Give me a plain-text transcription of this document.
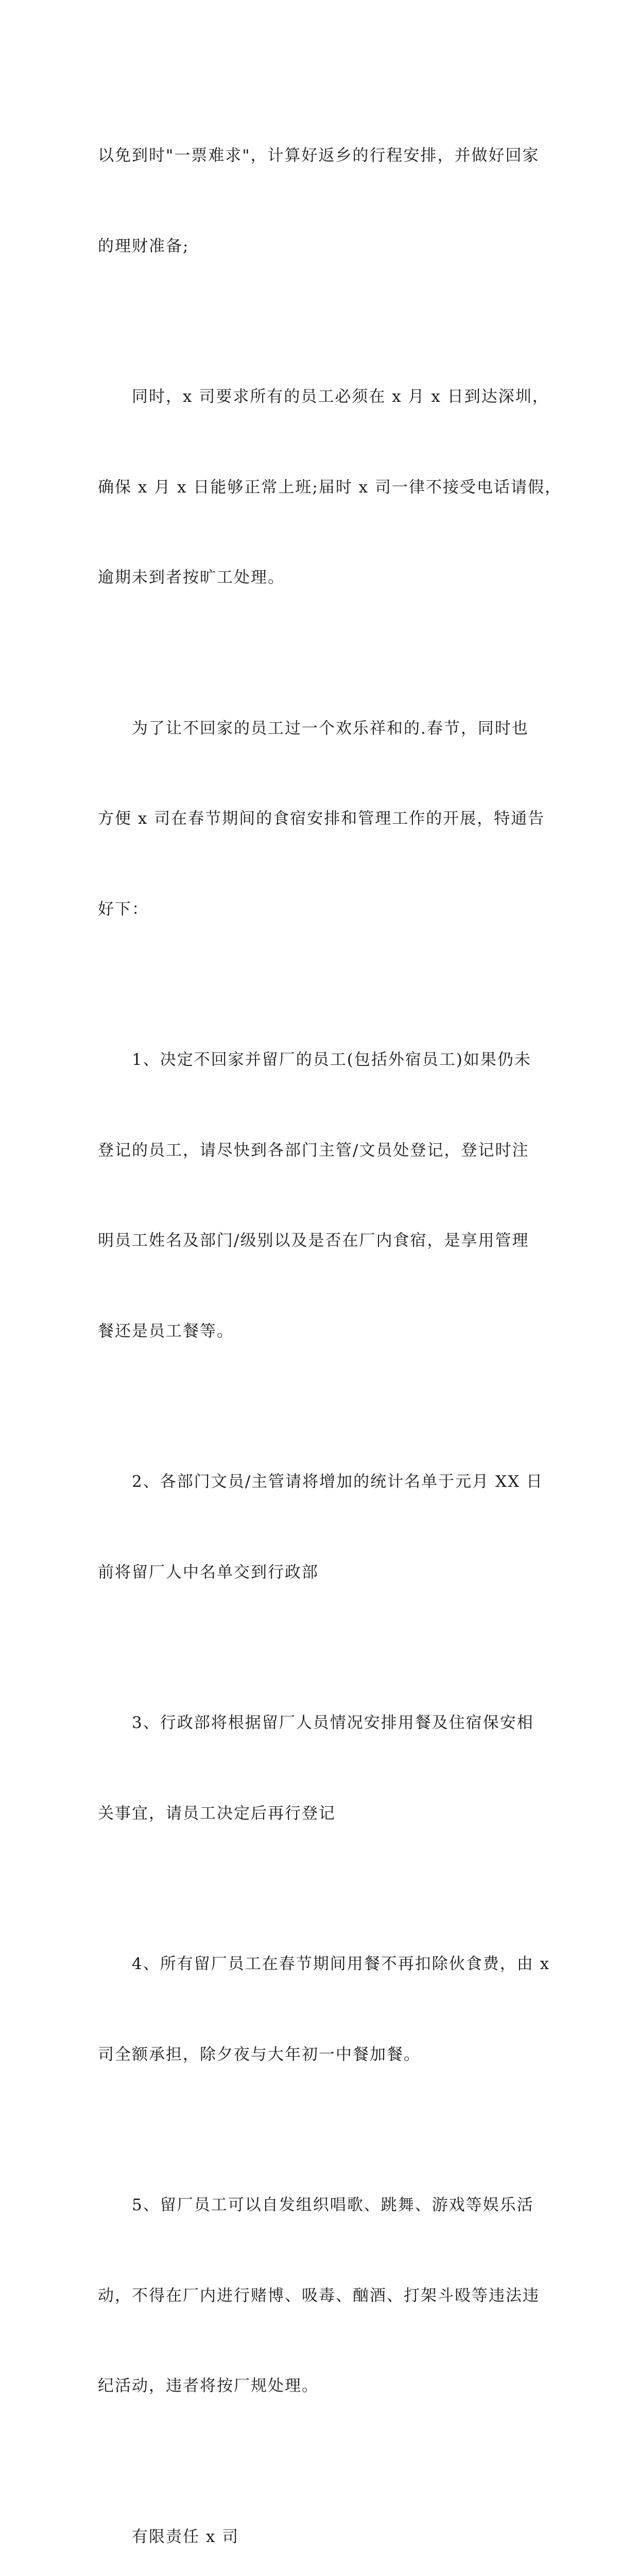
以免到时"一票难求"，计算好返乡的行程安排，并做好回家

的理财准备;

同时，x 司要求所有的员工必须在 x 月 x 日到达深圳，

确保 x 月 x 日能够正常上班;届时 x 司一律不接受电话请假，

逾期未到者按旷工处理。

为了让不回家的员工过一个欢乐祥和的.春节，同时也

方便 x 司在春节期间的食宿安排和管理工作的开展，特通告

好下：

1、决定不回家并留厂的员工(包括外宿员工)如果仍未

登记的员工，请尽快到各部门主管/文员处登记，登记时注

明员工姓名及部门/级别以及是否在厂内食宿，是享用管理

餐还是员工餐等。

2、各部门文员/主管请将增加的统计名单于元月 XX 日

前将留厂人中名单交到行政部

3、行政部将根据留厂人员情况安排用餐及住宿保安相

关事宜，请员工决定后再行登记

4、所有留厂员工在春节期间用餐不再扣除伙食费，由 x

司全额承担，除夕夜与大年初一中餐加餐。

5、留厂员工可以自发组织唱歌、跳舞、游戏等娱乐活

动，不得在厂内进行赌博、吸毒、酗酒、打架斗殴等违法违

纪活动，违者将按厂规处理。

有限责任 x 司
